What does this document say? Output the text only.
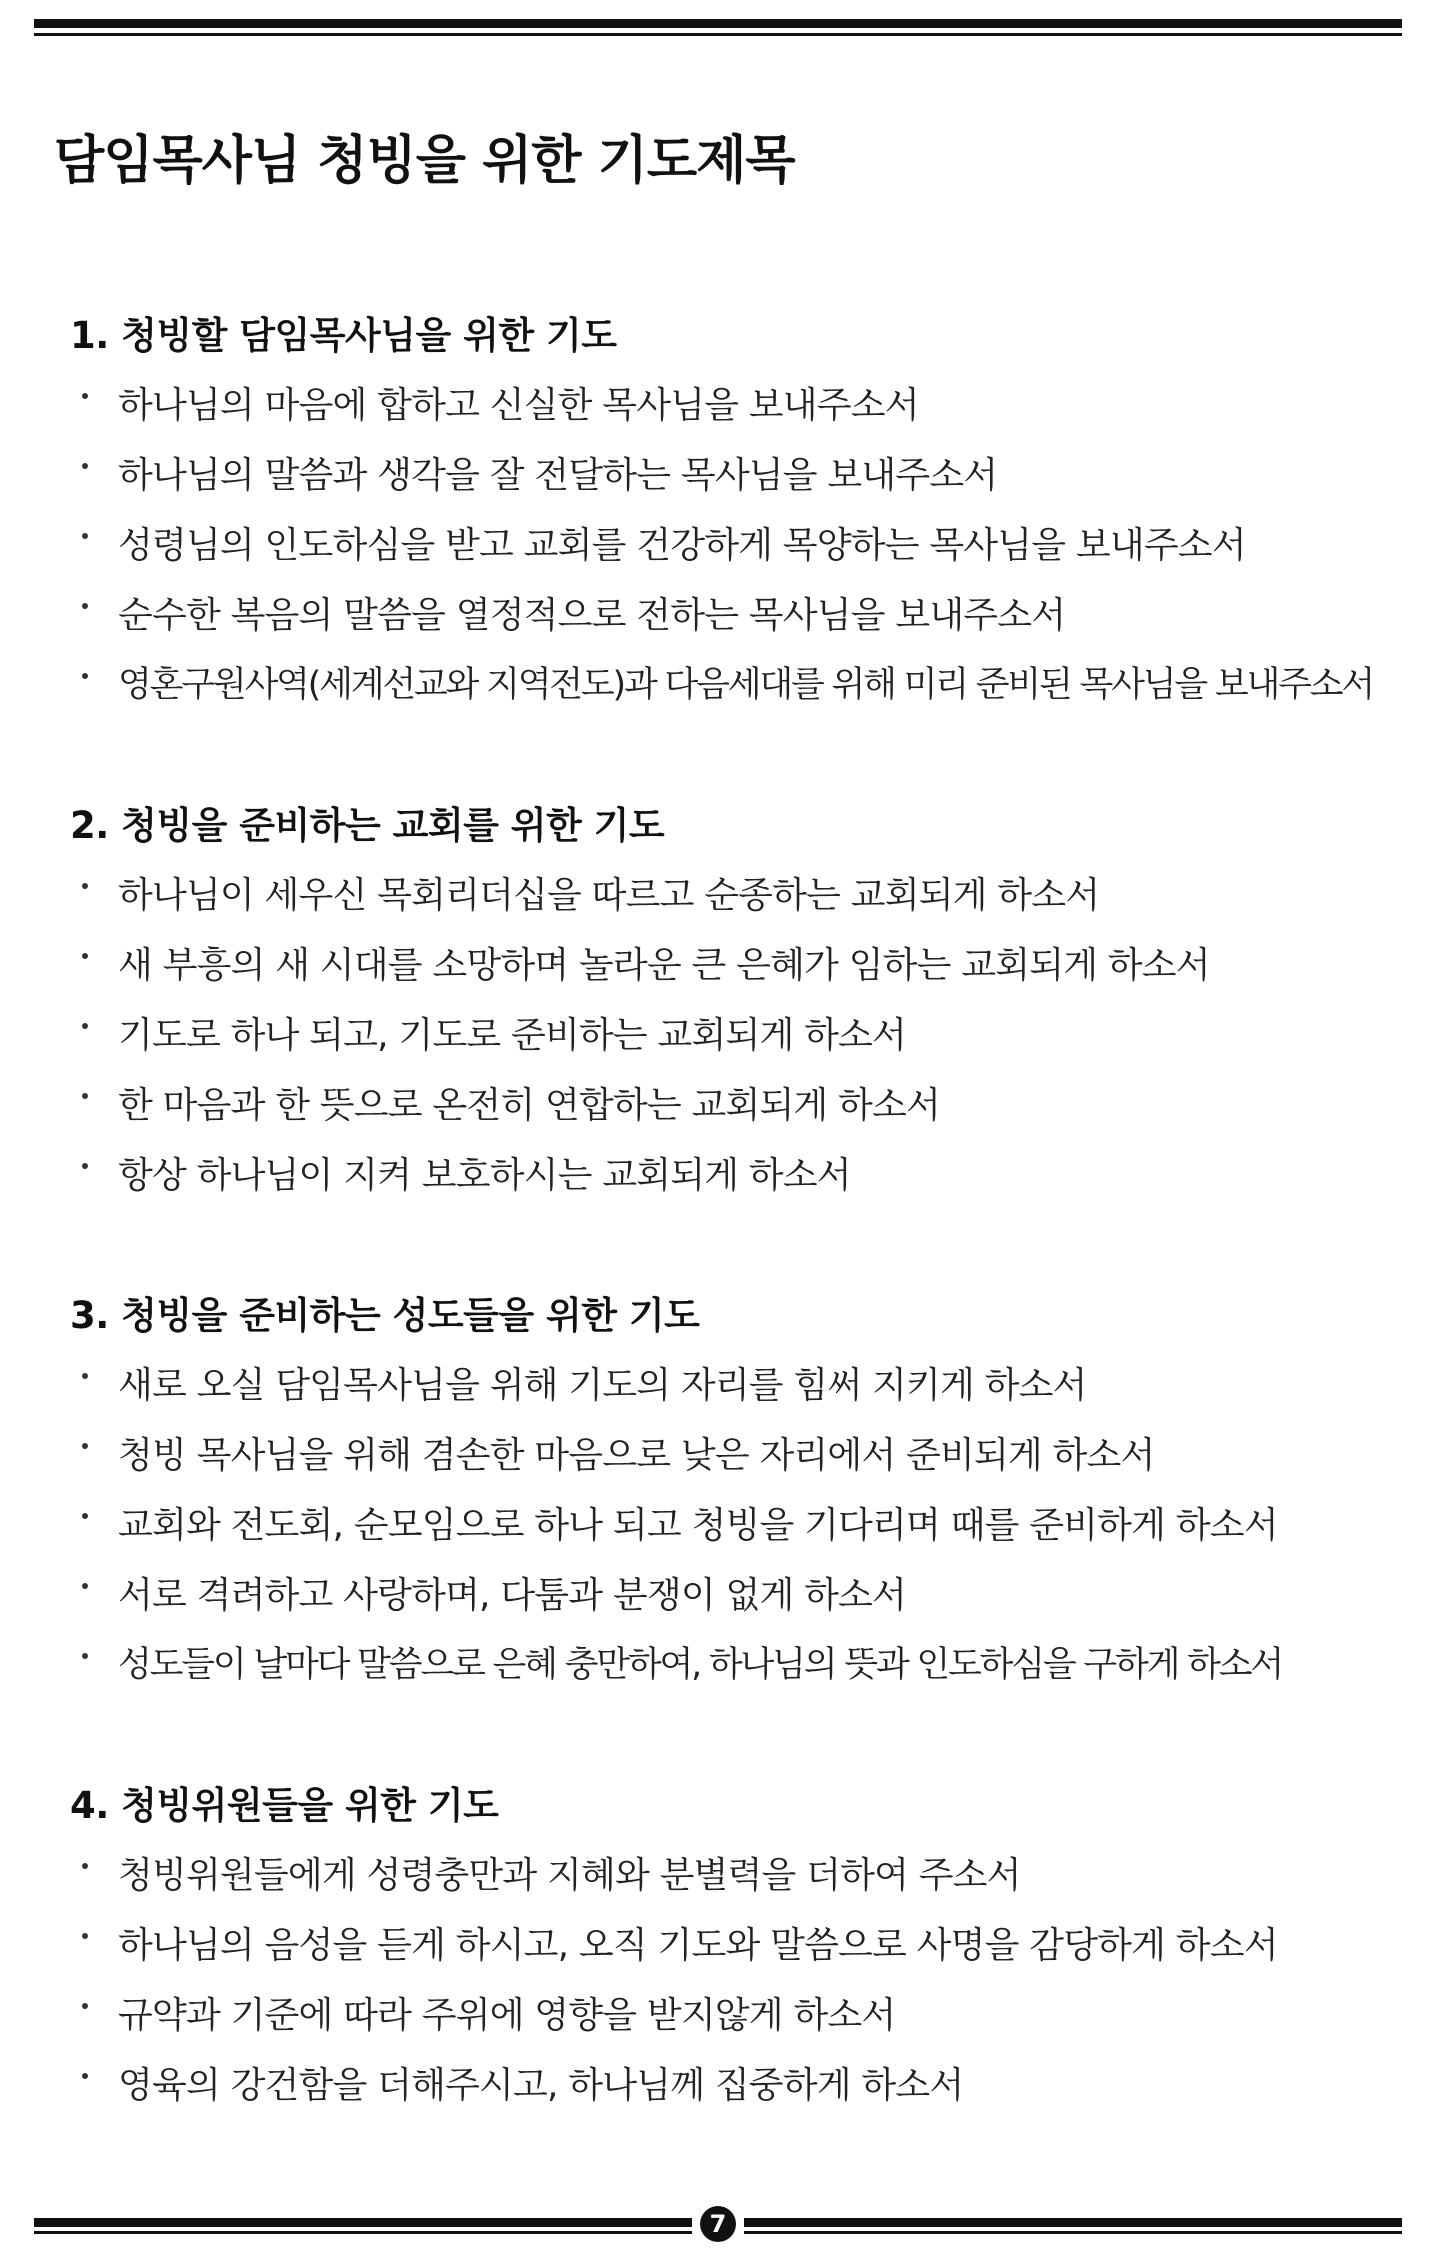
담임목사님 청빙을 위한 기도제목
1. 청빙할 담임목사님을 위한 기도
하나님의 마음에 합하고 신실한 목사님을 보내주소서
하나님의 말씀과 생각을 잘 전달하는 목사님을 보내주소서
성령님의 인도하심을 받고 교회를 건강하게 목양하는 목사님을 보내주소서
순수한 복음의 말씀을 열정적으로 전하는 목사님을 보내주소서
영혼구원사역(세계선교와 지역전도)과 다음세대를 위해 미리 준비된 목사님을 보내주소서
2. 청빙을 준비하는 교회를 위한 기도
하나님이 세우신 목회리더십을 따르고 순종하는 교회되게 하소서
새 부흥의 새 시대를 소망하며 놀라운 큰 은혜가 임하는 교회되게 하소서
기도로 하나 되고, 기도로 준비하는 교회되게 하소서
한 마음과 한 뜻으로 온전히 연합하는 교회되게 하소서
항상 하나님이 지켜 보호하시는 교회되게 하소서
3. 청빙을 준비하는 성도들을 위한 기도
새로 오실 담임목사님을 위해 기도의 자리를 힘써 지키게 하소서
청빙 목사님을 위해 겸손한 마음으로 낮은 자리에서 준비되게 하소서
교회와 전도회, 순모임으로 하나 되고 청빙을 기다리며 때를 준비하게 하소서
서로 격려하고 사랑하며, 다툼과 분쟁이 없게 하소서
성도들이 날마다 말씀으로 은혜 충만하여, 하나님의 뜻과 인도하심을 구하게 하소서
4. 청빙위원들을 위한 기도
청빙위원들에게 성령충만과 지혜와 분별력을 더하여 주소서
하나님의 음성을 듣게 하시고, 오직 기도와 말씀으로 사명을 감당하게 하소서
규약과 기준에 따라 주위에 영향을 받지않게 하소서
영육의 강건함을 더해주시고, 하나님께 집중하게 하소서
7
